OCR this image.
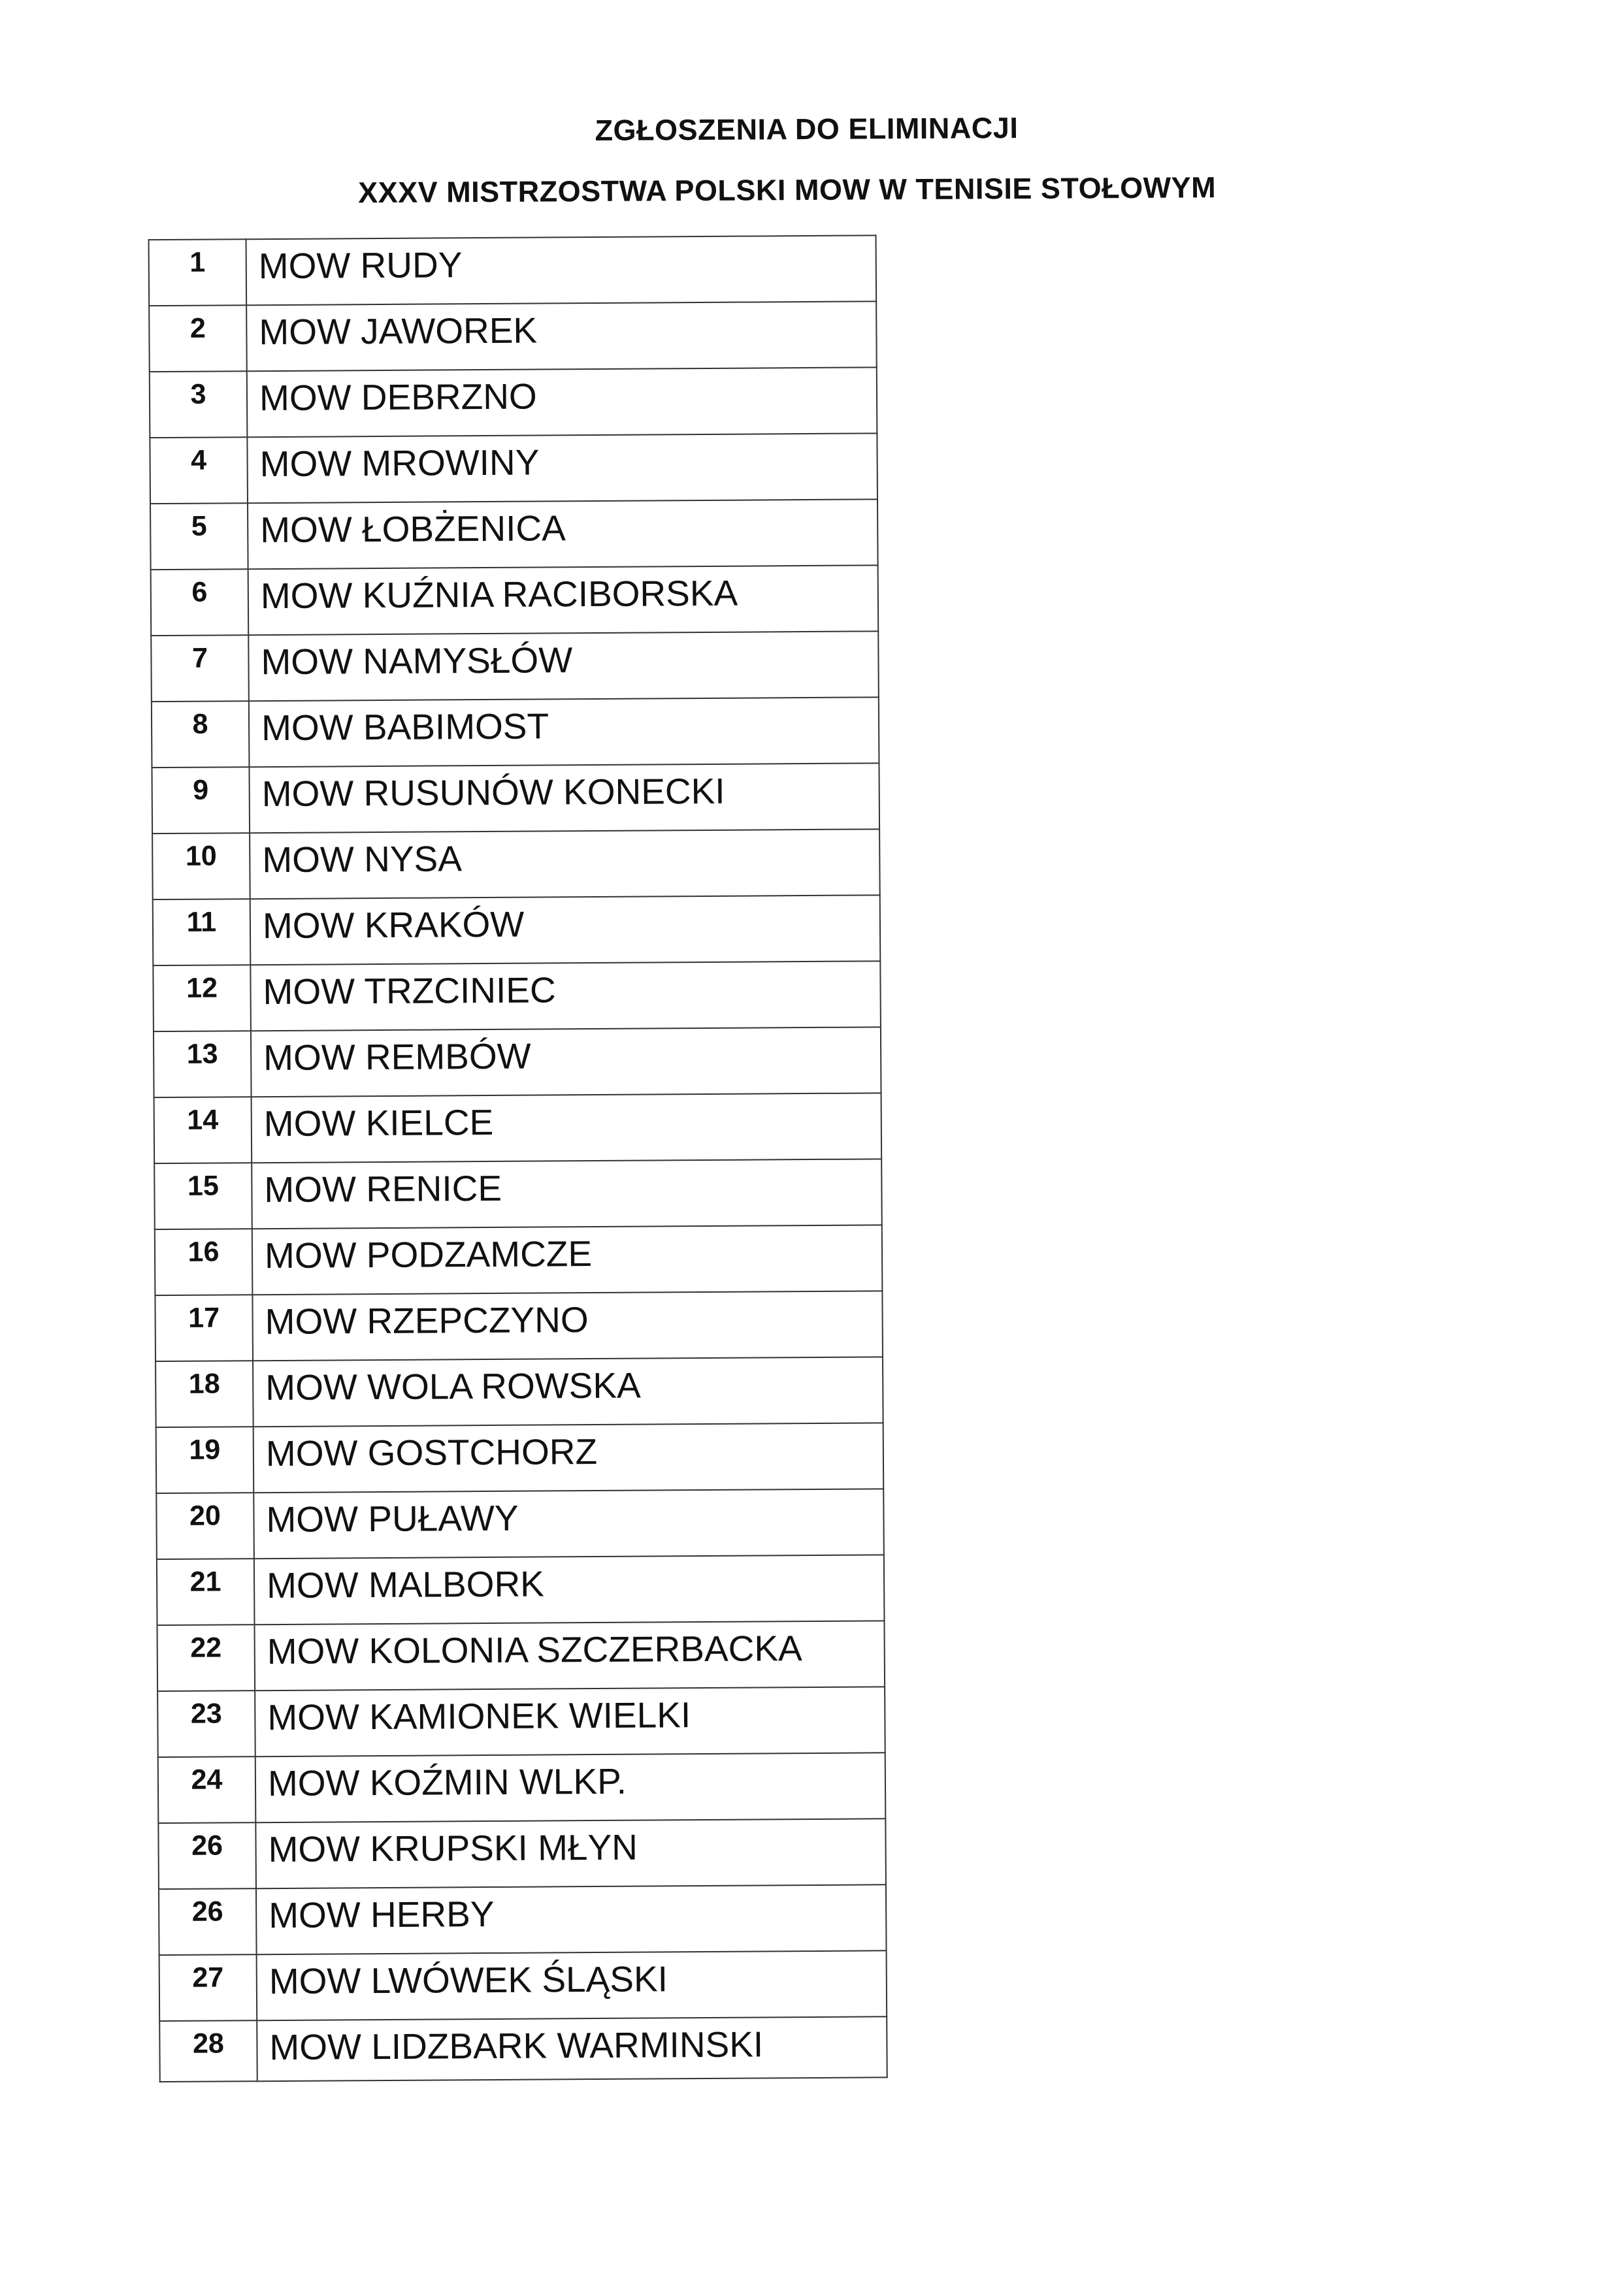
ZGŁOSZENIA DO ELIMINACJI
XXXV MISTRZOSTWA POLSKI MOW W TENISIE STOŁOWYM
1	MOW RUDY
2	MOW JAWOREK
3	MOW DEBRZNO
4	MOW MROWINY
5	MOW ŁOBŻENICA
6	MOW KUŹNIA RACIBORSKA
7	MOW NAMYSŁÓW
8	MOW BABIMOST
9	MOW RUSUNÓW KONECKI
10	MOW NYSA
11	MOW KRAKÓW
12	MOW TRZCINIEC
13	MOW REMBÓW
14	MOW KIELCE
15	MOW RENICE
16	MOW PODZAMCZE
17	MOW RZEPCZYNO
18	MOW WOLA ROWSKA
19	MOW GOSTCHORZ
20	MOW PUŁAWY
21	MOW MALBORK
22	MOW KOLONIA SZCZERBACKA
23	MOW KAMIONEK WIELKI
24	MOW KOŹMIN WLKP.
26	MOW KRUPSKI MŁYN
26	MOW HERBY
27	MOW LWÓWEK ŚLĄSKI
28	MOW LIDZBARK WARMINSKI
